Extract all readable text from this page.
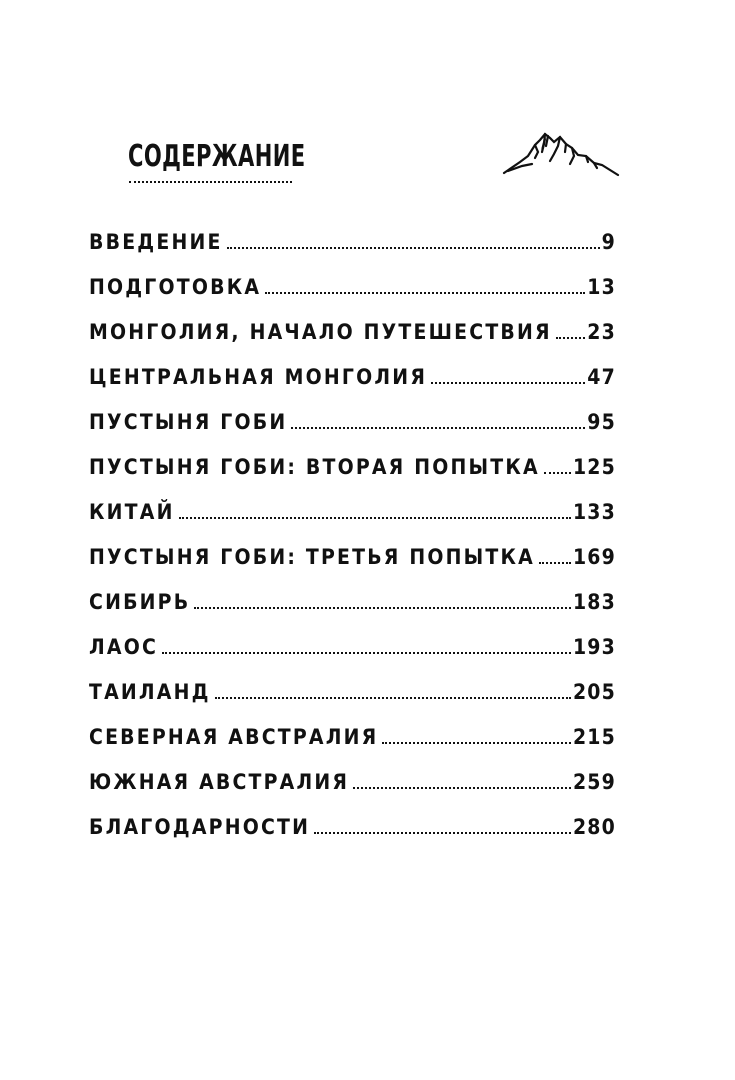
СОДЕРЖАНИЕ
ВВЕДЕНИЕ	9
ПОДГОТОВКА	13
МОНГОЛИЯ, НАЧАЛО ПУТЕШЕСТВИЯ 23
ЦЕНТРАЛЬНАЯ МОНГОЛИЯ	47
ПУСТЫНЯ ГОБИ	95
ПУСТЫНЯ ГОБИ: ВТОРАЯ ПОПЫТКА 125
КИТАЙ	133
ПУСТЫНЯ ГОБИ: ТРЕТЬЯ ПОПЫТКА 169
СИБИРЬ	183
ЛАОС	193
ТАИЛАНД	205
СЕВЕРНАЯ АВСТРАЛИЯ	215
ЮЖНАЯ АВСТРАЛИЯ	259
БЛАГОДАРНОСТИ	280
